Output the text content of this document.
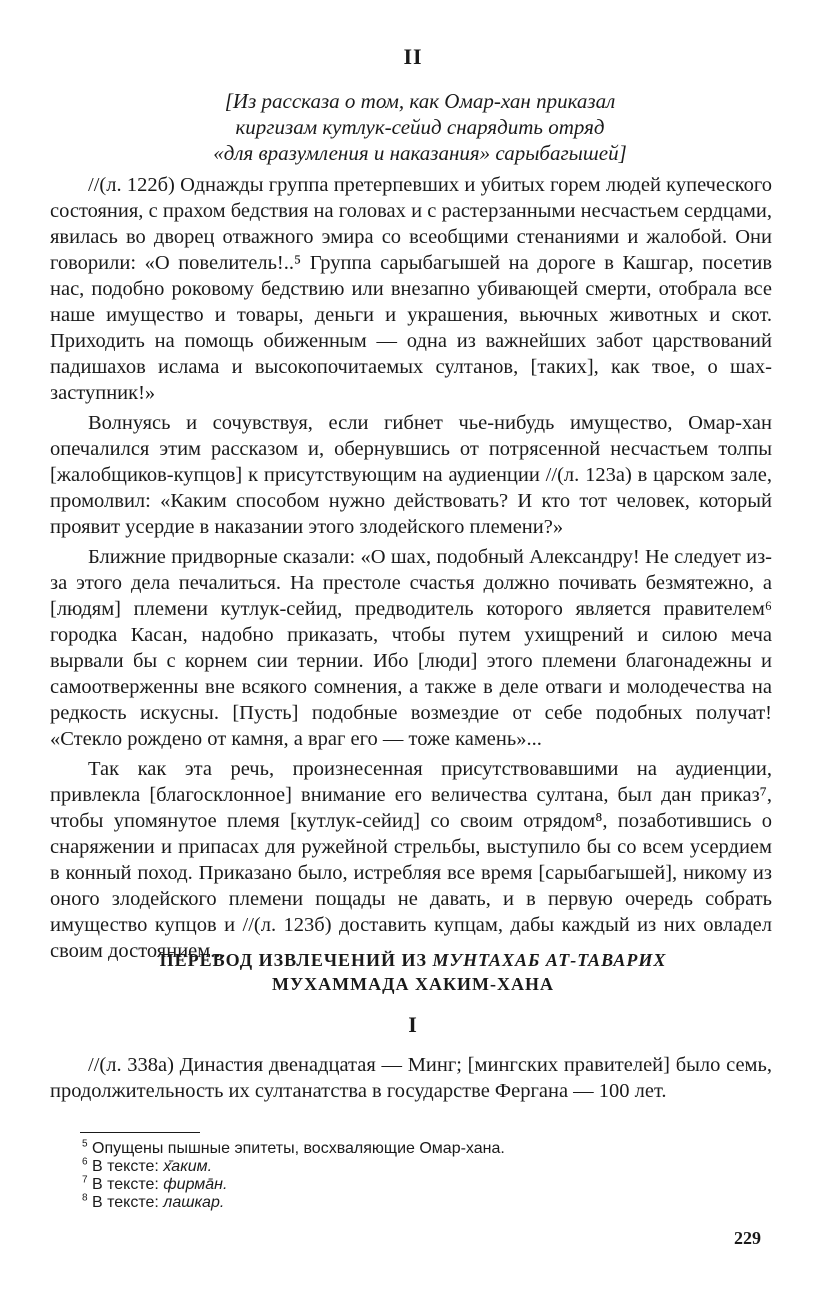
II
[Из рассказа о том, как Омар-хан приказал
киргизам кутлук-сейид снарядить отряд
«для вразумления и наказания» сарыбагышей]

//(л. 122б) Однажды группа претерпевших и убитых горем людей купеческого состояния, с прахом бедствия на головах и с растерзанными несчастьем сердцами, явилась во дворец отважного эмира со всеобщими стенаниями и жалобой. Они говорили: «О повелитель!..⁵ Группа сарыбагышей на дороге в Кашгар, посетив нас, подобно роковому бедствию или внезапно убивающей смерти, отобрала все наше имущество и товары, деньги и украшения, вьючных животных и скот. Приходить на помощь обиженным — одна из важнейших забот царствований падишахов ислама и высокопочитаемых султанов, [таких], как твое, о шах-заступник!»

Волнуясь и сочувствуя, если гибнет чье-нибудь имущество, Омар-хан опечалился этим рассказом и, обернувшись от потрясенной несчастьем толпы [жалобщиков-купцов] к присутствующим на аудиенции //(л. 123а) в царском зале, промолвил: «Каким способом нужно действовать? И кто тот человек, который проявит усердие в наказании этого злодейского племени?»

Ближние придворные сказали: «О шах, подобный Александру! Не следует из-за этого дела печалиться. На престоле счастья должно почивать безмятежно, а [людям] племени кутлук-сейид, предводитель которого является правителем⁶ городка Касан, надобно приказать, чтобы путем ухищрений и силою меча вырвали бы с корнем сии тернии. Ибо [люди] этого племени благонадежны и самоотверженны вне всякого сомнения, а также в деле отваги и молодечества на редкость искусны. [Пусть] подобные возмездие от себе подобных получат! «Стекло рождено от камня, а враг его — тоже камень»...

Так как эта речь, произнесенная присутствовавшими на аудиенции, привлекла [благосклонное] внимание его величества султана, был дан приказ⁷, чтобы упомянутое племя [кутлук-сейид] со своим отрядом⁸, позаботившись о снаряжении и припасах для ружейной стрельбы, выступило бы со всем усердием в конный поход. Приказано было, истребляя все время [сарыбагышей], никому из оного злодейского племени пощады не давать, и в первую очередь собрать имущество купцов и //(л. 123б) доставить купцам, дабы каждый из них овладел своим достоянием...

ПЕРЕВОД ИЗВЛЕЧЕНИЙ ИЗ МУНТАХАБ АТ-ТАВАРИХ
МУХАММАДА ХАКИМ-ХАНА
I

//(л. 338а) Династия двенадцатая — Минг; [мингских правителей] было семь, продолжительность их султанатства в государстве Фергана — 100 лет.

$^5$ Опущены пышные эпитеты, восхваляющие Омар-хана.
$^6$ В тексте: х̄аким.
$^7$ В тексте: фирма̄н.
$^8$ В тексте: лашкар.
229
